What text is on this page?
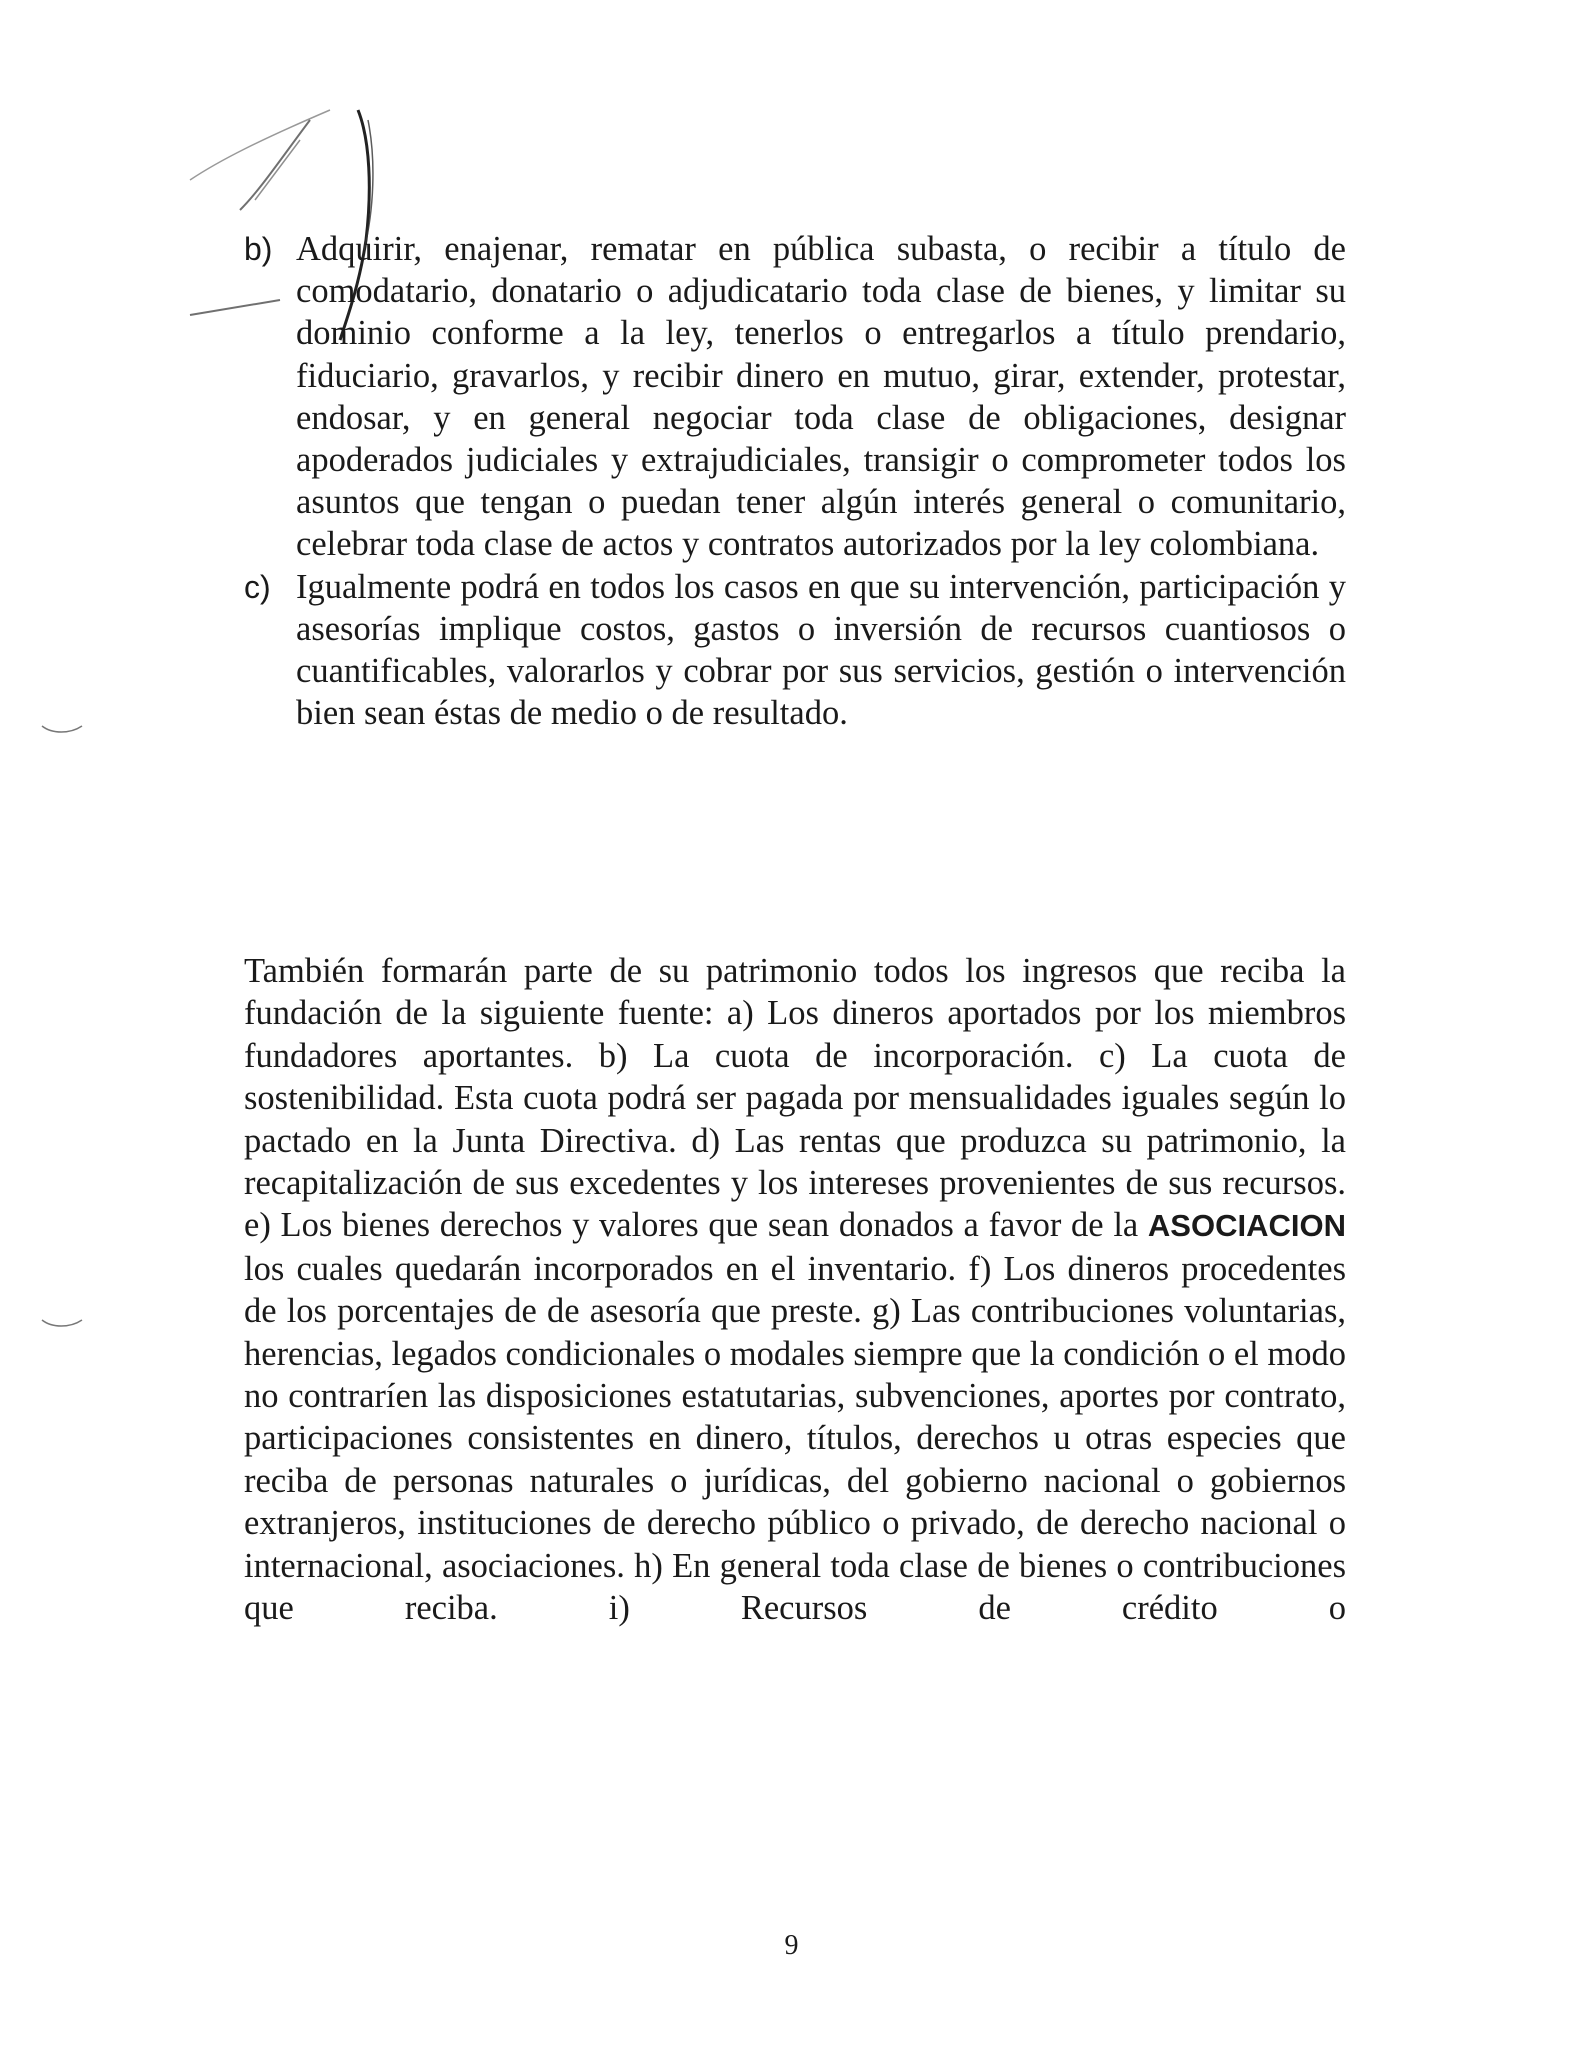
b) Adquirir, enajenar, rematar en pública subasta, o recibir a título de comodatario, donatario o adjudicatario toda clase de bienes, y limitar su dominio conforme a la ley, tenerlos o entregarlos a título prendario, fiduciario, gravarlos, y recibir dinero en mutuo, girar, extender, protestar, endosar, y en general negociar toda clase de obligaciones, designar apoderados judiciales y extrajudiciales, transigir o comprometer todos los asuntos que tengan o puedan tener algún interés general o comunitario, celebrar toda clase de actos y contratos autorizados por la ley colombiana.
c) Igualmente podrá en todos los casos en que su intervención, participación y asesorías implique costos, gastos o inversión de recursos cuantiosos o cuantificables, valorarlos y cobrar por sus servicios, gestión o intervención bien sean éstas de medio o de resultado.

También formarán parte de su patrimonio todos los ingresos que reciba la fundación de la siguiente fuente: a) Los dineros aportados por los miembros fundadores aportantes. b) La cuota de incorporación. c) La cuota de sostenibilidad. Esta cuota podrá ser pagada por mensualidades iguales según lo pactado en la Junta Directiva. d) Las rentas que produzca su patrimonio, la recapitalización de sus excedentes y los intereses provenientes de sus recursos. e) Los bienes derechos y valores que sean donados a favor de la ASOCIACION los cuales quedarán incorporados en el inventario. f) Los dineros procedentes de los porcentajes de de asesoría que preste. g) Las contribuciones voluntarias, herencias, legados condicionales o modales siempre que la condición o el modo no contraríen las disposiciones estatutarias, subvenciones, aportes por contrato, participaciones consistentes en dinero, títulos, derechos u otras especies que reciba de personas naturales o jurídicas, del gobierno nacional o gobiernos extranjeros, instituciones de derecho público o privado, de derecho nacional o internacional, asociaciones. h) En general toda clase de bienes o contribuciones que reciba. i) Recursos de crédito o

9
